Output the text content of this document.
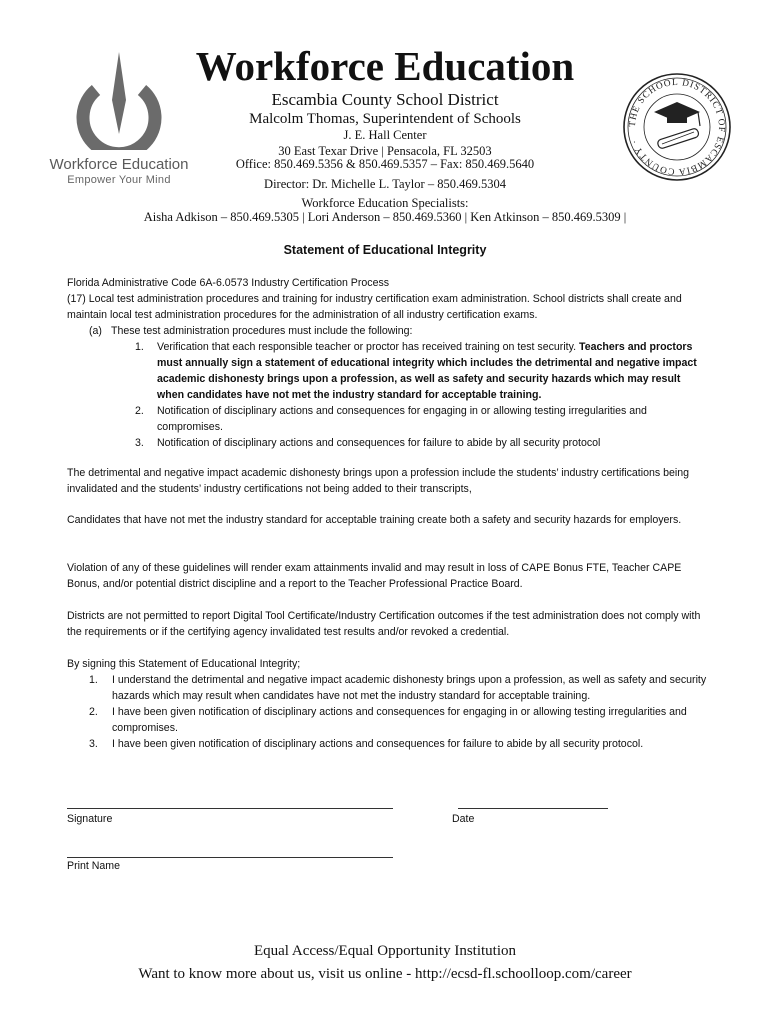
Workforce Education
Empower Your Mind
THE SCHOOL DISTRICT OF ESCAMBIA COUNTY ·
Workforce Education
Escambia County School District
Malcolm Thomas, Superintendent of Schools
J. E. Hall Center
30 East Texar Drive | Pensacola, FL 32503
Office: 850.469.5356 & 850.469.5357 – Fax: 850.469.5640
Director: Dr. Michelle L. Taylor – 850.469.5304
Workforce Education Specialists:
Aisha Adkison – 850.469.5305 | Lori Anderson – 850.469.5360 | Ken Atkinson – 850.469.5309 |
Statement of Educational Integrity

Florida Administrative Code 6A-6.0573 Industry Certification Process

(17) Local test administration procedures and training for industry certification exam administration. School districts shall create and maintain local test administration procedures for the administration of all industry certification exams.

(a) These test administration procedures must include the following:
1. Verification that each responsible teacher or proctor has received training on test security. Teachers and proctors must annually sign a statement of educational integrity which includes the detrimental and negative impact academic dishonesty brings upon a profession, as well as safety and security hazards which may result when candidates have not met the industry standard for acceptable training.
2. Notification of disciplinary actions and consequences for engaging in or allowing testing irregularities and compromises.
3. Notification of disciplinary actions and consequences for failure to abide by all security protocol
The detrimental and negative impact academic dishonesty brings upon a profession include the students’ industry certifications being invalidated and the students’ industry certifications not being added to their transcripts,
Candidates that have not met the industry standard for acceptable training create both a safety and security hazards for employers.
Violation of any of these guidelines will render exam attainments invalid and may result in loss of CAPE Bonus FTE, Teacher CAPE Bonus, and/or potential district discipline and a report to the Teacher Professional Practice Board.
Districts are not permitted to report Digital Tool Certificate/Industry Certification outcomes if the test administration does not comply with the requirements or if the certifying agency invalidated test results and/or revoked a credential.

By signing this Statement of Educational Integrity;

1. I understand the detrimental and negative impact academic dishonesty brings upon a profession, as well as safety and security hazards which may result when candidates have not met the industry standard for acceptable training.
2. I have been given notification of disciplinary actions and consequences for engaging in or allowing testing irregularities and compromises.
3. I have been given notification of disciplinary actions and consequences for failure to abide by all security protocol.
Signature	Date
Print Name
Equal Access/Equal Opportunity Institution
Want to know more about us, visit us online - http://ecsd-fl.schoolloop.com/career
